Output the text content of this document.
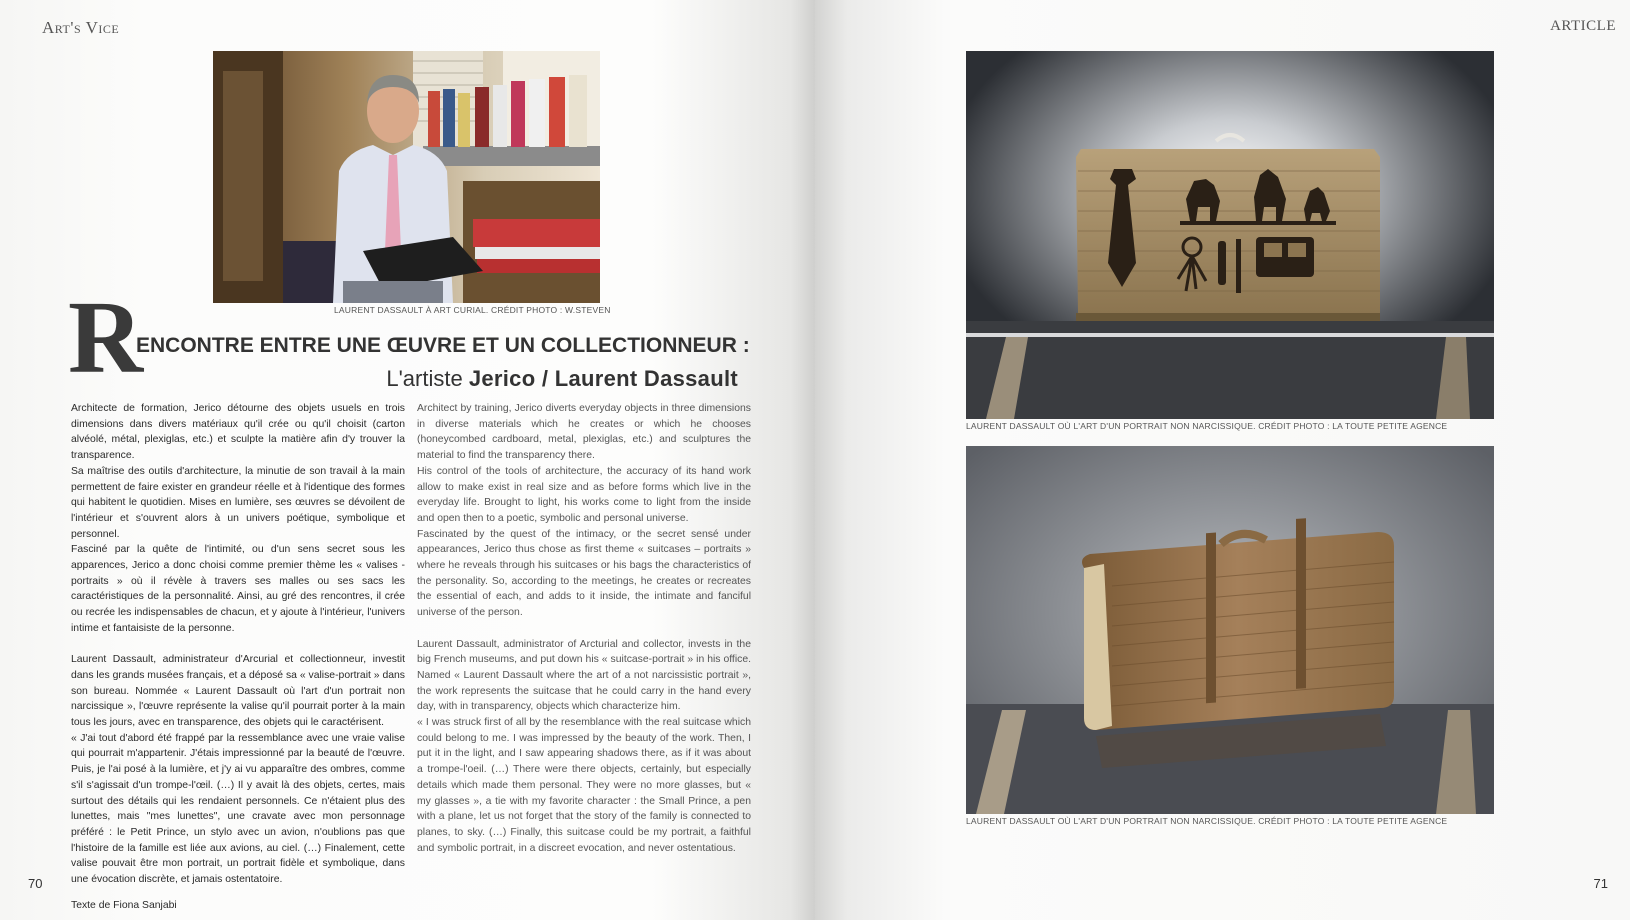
Art's Vice
LAURENT DASSAULT À ART CURIAL. CRÉDIT PHOTO : W.STEVEN
R
ENCONTRE ENTRE UNE ŒUVRE ET UN COLLECTIONNEUR :
L'artiste Jerico / Laurent Dassault

Architecte de formation, Jerico détourne des objets usuels en trois dimensions dans divers matériaux qu'il crée ou qu'il choisit (carton alvéolé, métal, plexiglas, etc.) et sculpte la matière afin d'y trouver la transparence.

Sa maîtrise des outils d'architecture, la minutie de son travail à la main permettent de faire exister en grandeur réelle et à l'identique des formes qui habitent le quotidien. Mises en lumière, ses œuvres se dévoilent de l'intérieur et s'ouvrent alors à un univers poétique, symbolique et personnel.

Fasciné par la quête de l'intimité, ou d'un sens secret sous les apparences, Jerico a donc choisi comme premier thème les « valises - portraits » où il révèle à travers ses malles ou ses sacs les caractéristiques de la personnalité. Ainsi, au gré des rencontres, il crée ou recrée les indispensables de chacun, et y ajoute à l'intérieur, l'univers intime et fantaisiste de la personne.

Laurent Dassault, administrateur d'Arcurial et collectionneur, investit dans les grands musées français, et a déposé sa « valise-portrait » dans son bureau. Nommée « Laurent Dassault où l'art d'un portrait non narcissique », l'œuvre représente la valise qu'il pourrait porter à la main tous les jours, avec en transparence, des objets qui le caractérisent.

« J'ai tout d'abord été frappé par la ressemblance avec une vraie valise qui pourrait m'appartenir. J'étais impressionné par la beauté de l'œuvre. Puis, je l'ai posé à la lumière, et j'y ai vu apparaître des ombres, comme s'il s'agissait d'un trompe-l'œil. (…) Il y avait là des objets, certes, mais surtout des détails qui les rendaient personnels. Ce n'étaient plus des lunettes, mais "mes lunettes", une cravate avec mon personnage préféré : le Petit Prince, un stylo avec un avion, n'oublions pas que l'histoire de la famille est liée aux avions, au ciel. (…) Finalement, cette valise pouvait être mon portrait, un portrait fidèle et symbolique, dans une évocation discrète, et jamais ostentatoire.

Texte de Fiona Sanjabi

Architect by training, Jerico diverts everyday objects in three dimensions in diverse materials which he creates or which he chooses (honeycombed cardboard, metal, plexiglas, etc.) and sculptures the material to find the transparency there.

His control of the tools of architecture, the accuracy of its hand work allow to make exist in real size and as before forms which live in the everyday life. Brought to light, his works come to light from the inside and open then to a poetic, symbolic and personal universe.

Fascinated by the quest of the intimacy, or the secret sensé under appearances, Jerico thus chose as first theme « suitcases – portraits » where he reveals through his suitcases or his bags the characteristics of the personality. So, according to the meetings, he creates or recreates the essential of each, and adds to it inside, the intimate and fanciful universe of the person.

Laurent Dassault, administrator of Arcturial and collector, invests in the big French museums, and put down his « suitcase-portrait » in his office. Named « Laurent Dassault where the art of a not narcissistic portrait », the work represents the suitcase that he could carry in the hand every day, with in transparency, objects which characterize him.

« I was struck first of all by the resemblance with the real suitcase which could belong to me. I was impressed by the beauty of the work. Then, I put it in the light, and I saw appearing shadows there, as if it was about a trompe-l'oeil. (…) There were there objects, certainly, but especially details which made them personal. They were no more glasses, but « my glasses », a tie with my favorite character : the Small Prince, a pen with a plane, let us not forget that the story of the family is connected to planes, to sky. (…) Finally, this suitcase could be my portrait, a faithful and symbolic portrait, in a discreet evocation, and never ostentatious.

70
ARTICLE
LAURENT DASSAULT OÙ L'ART D'UN PORTRAIT NON NARCISSIQUE. CRÉDIT PHOTO : LA TOUTE PETITE AGENCE
LAURENT DASSAULT OÙ L'ART D'UN PORTRAIT NON NARCISSIQUE. CRÉDIT PHOTO : LA TOUTE PETITE AGENCE
71
